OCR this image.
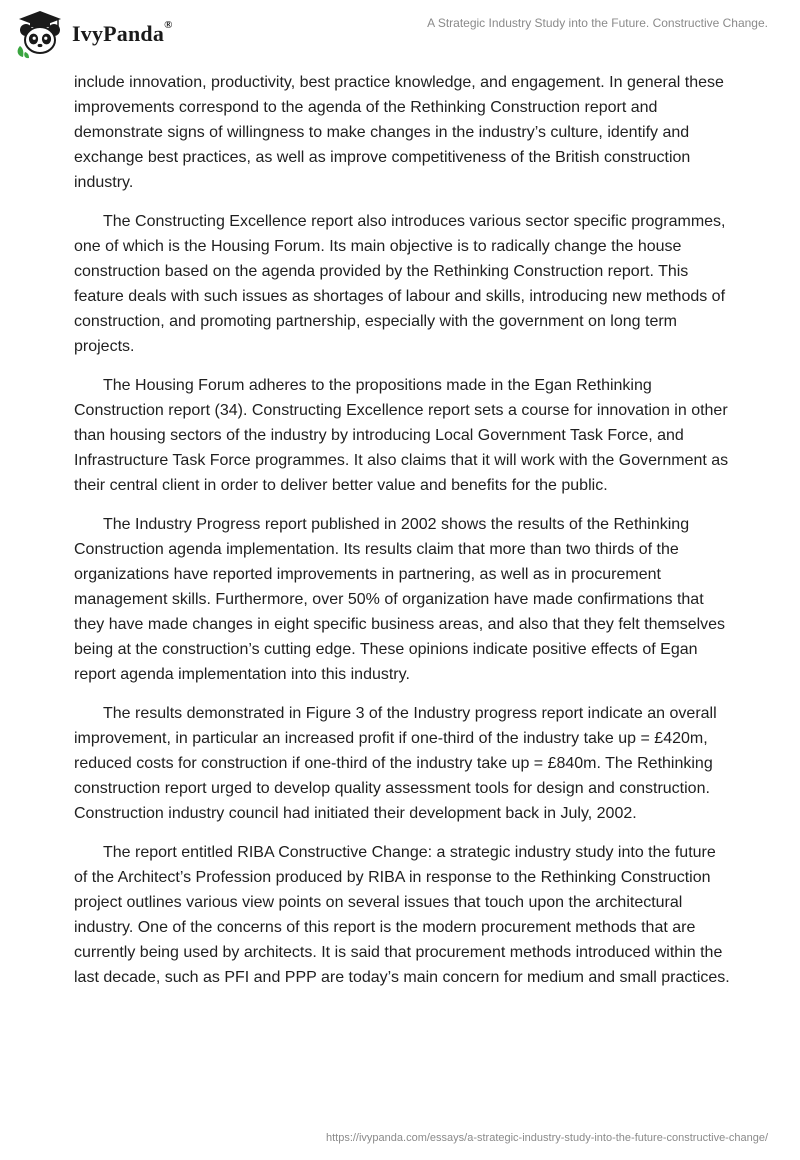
IvyPanda®	A Strategic Industry Study into the Future. Constructive Change.

include innovation, productivity, best practice knowledge, and engagement. In general these improvements correspond to the agenda of the Rethinking Construction report and demonstrate signs of willingness to make changes in the industry’s culture, identify and exchange best practices, as well as improve competitiveness of the British construction industry.

The Constructing Excellence report also introduces various sector specific programmes, one of which is the Housing Forum. Its main objective is to radically change the house construction based on the agenda provided by the Rethinking Construction report. This feature deals with such issues as shortages of labour and skills, introducing new methods of construction, and promoting partnership, especially with the government on long term projects.

The Housing Forum adheres to the propositions made in the Egan Rethinking Construction report (34). Constructing Excellence report sets a course for innovation in other than housing sectors of the industry by introducing Local Government Task Force, and Infrastructure Task Force programmes. It also claims that it will work with the Government as their central client in order to deliver better value and benefits for the public.

The Industry Progress report published in 2002 shows the results of the Rethinking Construction agenda implementation. Its results claim that more than two thirds of the organizations have reported improvements in partnering, as well as in procurement management skills. Furthermore, over 50% of organization have made confirmations that they have made changes in eight specific business areas, and also that they felt themselves being at the construction’s cutting edge. These opinions indicate positive effects of Egan report agenda implementation into this industry.

The results demonstrated in Figure 3 of the Industry progress report indicate an overall improvement, in particular an increased profit if one-third of the industry take up = £420m, reduced costs for construction if one-third of the industry take up = £840m. The Rethinking construction report urged to develop quality assessment tools for design and construction. Construction industry council had initiated their development back in July, 2002.

The report entitled RIBA Constructive Change: a strategic industry study into the future of the Architect’s Profession produced by RIBA in response to the Rethinking Construction project outlines various view points on several issues that touch upon the architectural industry. One of the concerns of this report is the modern procurement methods that are currently being used by architects. It is said that procurement methods introduced within the last decade, such as PFI and PPP are today’s main concern for medium and small practices.

https://ivypanda.com/essays/a-strategic-industry-study-into-the-future-constructive-change/
